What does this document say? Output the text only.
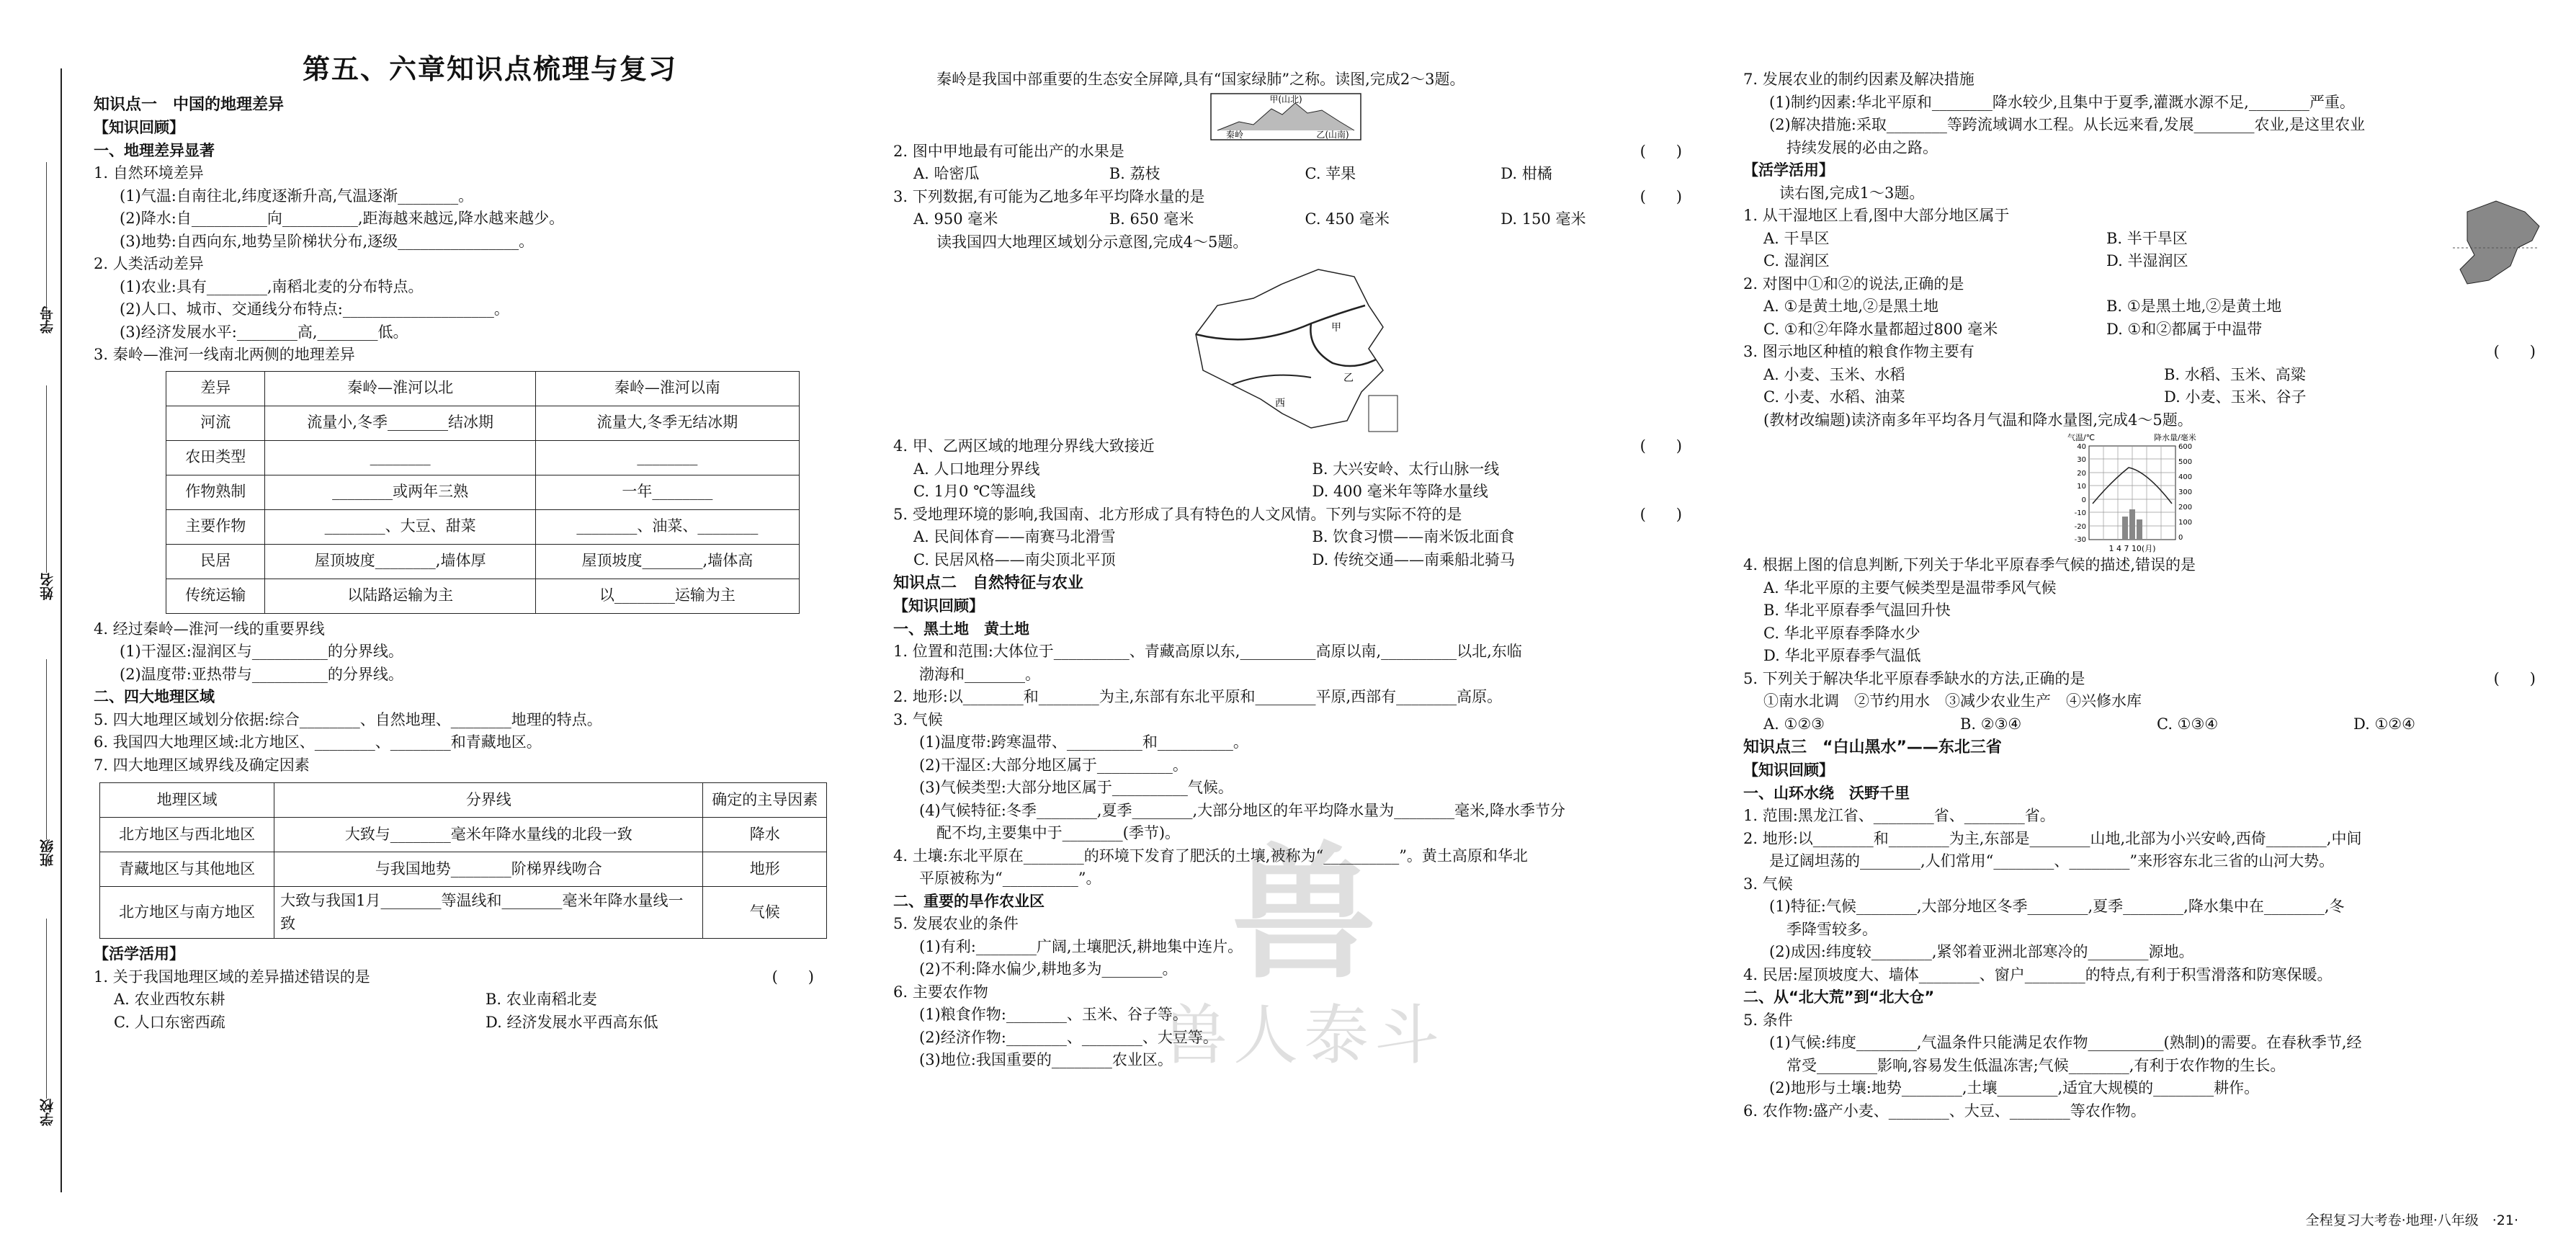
学号
姓名
班级
学校
第五、六章知识点梳理与复习
知识点一　中国的地理差异
【知识回顾】
一、地理差异显著
1. 自然环境差异
(1)气温:自南往北,纬度逐渐升高,气温逐渐________。
(2)降水:自__________向__________,距海越来越远,降水越来越少。
(3)地势:自西向东,地势呈阶梯状分布,逐级________________。
2. 人类活动差异
(1)农业:具有________,南稻北麦的分布特点。
(2)人口、城市、交通线分布特点:____________________。
(3)经济发展水平:________高,________低。
3. 秦岭—淮河一线南北两侧的地理差异
差异	秦岭—淮河以北	秦岭—淮河以南
河流	流量小,冬季________结冰期	流量大,冬季无结冰期
农田类型	________	________
作物熟制	________或两年三熟	一年________
主要作物	________、大豆、甜菜	________、油菜、________
民居	屋顶坡度________,墙体厚	屋顶坡度________,墙体高
传统运输	以陆路运输为主	以________运输为主
4. 经过秦岭—淮河一线的重要界线
(1)干湿区:湿润区与__________的分界线。
(2)温度带:亚热带与__________的分界线。
二、四大地理区域
5. 四大地理区域划分依据:综合________、自然地理、________地理的特点。
6. 我国四大地理区域:北方地区、________、________和青藏地区。
7. 四大地理区域界线及确定因素
地理区域	分界线	确定的主导因素
北方地区与西北地区	大致与________毫米年降水量线的北段一致	降水
青藏地区与其他地区	与我国地势________阶梯界线吻合	地形
北方地区与南方地区	大致与我国1月________等温线和________毫米年降水量线一致	气候
【活学活用】
1. 关于我国地理区域的差异描述错误的是	(　　)
A. 农业西牧东耕	B. 农业南稻北麦
C. 人口东密西疏	D. 经济发展水平西高东低
秦岭是我国中部重要的生态安全屏障,具有“国家绿肺”之称。读图,完成2～3题。
甲(山北)
秦岭	乙(山南)
2. 图中甲地最有可能出产的水果是	(　　)
A. 哈密瓜	B. 荔枝	C. 苹果	D. 柑橘
3. 下列数据,有可能为乙地多年平均降水量的是	(　　)
A. 950 毫米	B. 650 毫米	C. 450 毫米	D. 150 毫米
读我国四大地理区域划分示意图,完成4～5题。
甲
乙
西
4. 甲、乙两区域的地理分界线大致接近	(　　)
A. 人口地理分界线	B. 大兴安岭、太行山脉一线
C. 1月0 ℃等温线	D. 400 毫米年等降水量线
5. 受地理环境的影响,我国南、北方形成了具有特色的人文风情。下列与实际不符的是	(　　)
A. 民间体育——南赛马北滑雪	B. 饮食习惯——南米饭北面食
C. 民居风格——南尖顶北平顶	D. 传统交通——南乘船北骑马
知识点二　自然特征与农业
【知识回顾】
一、黑土地　黄土地
1. 位置和范围:大体位于__________、青藏高原以东,__________高原以南,__________以北,东临
渤海和________。
2. 地形:以________和________为主,东部有东北平原和________平原,西部有________高原。
3. 气候
(1)温度带:跨寒温带、__________和__________。
(2)干湿区:大部分地区属于__________。
(3)气候类型:大部分地区属于__________气候。
(4)气候特征:冬季________,夏季________,大部分地区的年平均降水量为________毫米,降水季节分
配不均,主要集中于________(季节)。
4. 土壤:东北平原在________的环境下发育了肥沃的土壤,被称为“__________”。黄土高原和华北
平原被称为“__________”。
二、重要的旱作农业区
5. 发展农业的条件
(1)有利:________广阔,土壤肥沃,耕地集中连片。
(2)不利:降水偏少,耕地多为________。
6. 主要农作物
(1)粮食作物:________、玉米、谷子等。
(2)经济作物:________、________、大豆等。
(3)地位:我国重要的________农业区。
兽
兽人泰斗
7. 发展农业的制约因素及解决措施
(1)制约因素:华北平原和________降水较少,且集中于夏季,灌溉水源不足,________严重。
(2)解决措施:采取________等跨流域调水工程。从长远来看,发展________农业,是这里农业
持续发展的必由之路。
【活学活用】
读右图,完成1～3题。
1. 从干湿地区上看,图中大部分地区属于
A. 干旱区	B. 半干旱区
C. 湿润区	D. 半湿润区
2. 对图中①和②的说法,正确的是
A. ①是黄土地,②是黑土地	B. ①是黑土地,②是黄土地
C. ①和②年降水量都超过800 毫米	D. ①和②都属于中温带
3. 图示地区种植的粮食作物主要有	(　　)
A. 小麦、玉米、水稻	B. 水稻、玉米、高粱
C. 小麦、水稻、油菜	D. 小麦、玉米、谷子
(教材改编题)读济南多年平均各月气温和降水量图,完成4～5题。
气温/℃	降水量/毫米
40
30
20
10
0
-10
-20
-30
600
500
400
300
200
100
0
1 4 7 10(月)
4. 根据上图的信息判断,下列关于华北平原春季气候的描述,错误的是
A. 华北平原的主要气候类型是温带季风气候
B. 华北平原春季气温回升快
C. 华北平原春季降水少
D. 华北平原春季气温低
5. 下列关于解决华北平原春季缺水的方法,正确的是	(　　)
①南水北调　②节约用水　③减少农业生产　④兴修水库
A. ①②③	B. ②③④	C. ①③④	D. ①②④
知识点三　“白山黑水”——东北三省
【知识回顾】
一、山环水绕　沃野千里
1. 范围:黑龙江省、________省、________省。
2. 地形:以________和________为主,东部是________山地,北部为小兴安岭,西倚________,中间
是辽阔坦荡的________,人们常用“________、________”来形容东北三省的山河大势。
3. 气候
(1)特征:气候________,大部分地区冬季________,夏季________,降水集中在________,冬
季降雪较多。
(2)成因:纬度较________,紧邻着亚洲北部寒冷的________源地。
4. 民居:屋顶坡度大、墙体________、窗户________的特点,有利于积雪滑落和防寒保暖。
二、从“北大荒”到“北大仓”
5. 条件
(1)气候:纬度________,气温条件只能满足农作物__________(熟制)的需要。在春秋季节,经
常受________影响,容易发生低温冻害;气候________,有利于农作物的生长。
(2)地形与土壤:地势________,土壤________,适宜大规模的________耕作。
6. 农作物:盛产小麦、________、大豆、________等农作物。
全程复习大考卷·地理·八年级　·21·
